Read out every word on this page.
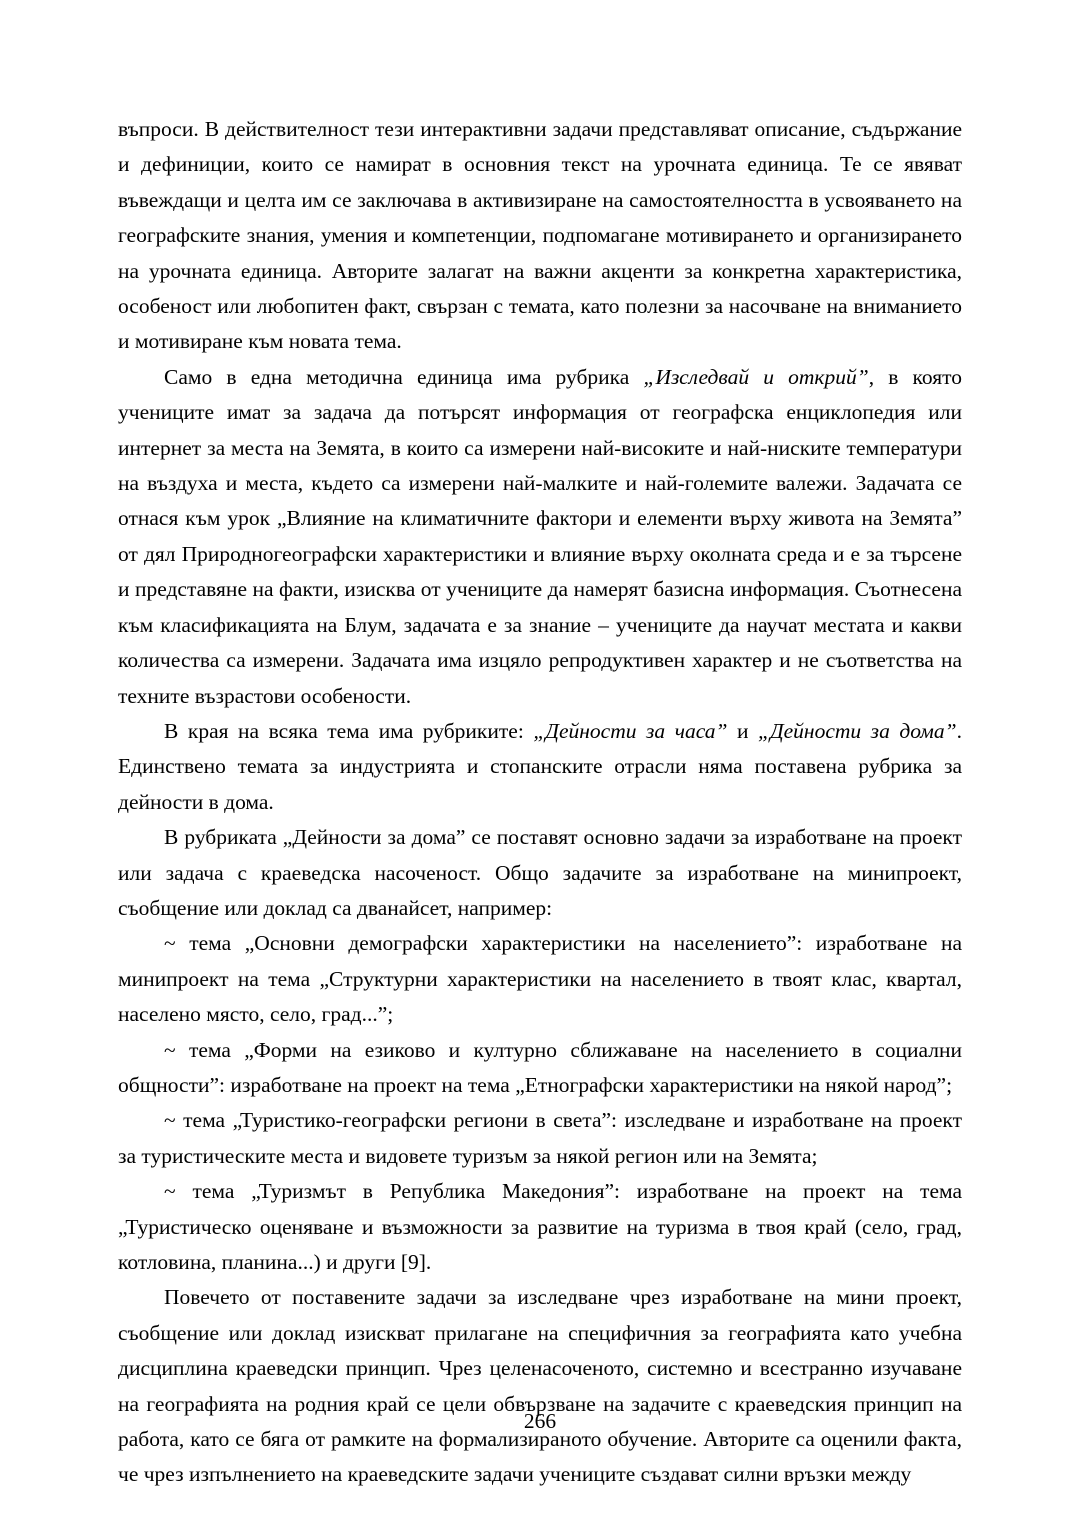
въпроси. В действителност тези интерактивни задачи представляват описание, съдържание и дефиниции, които се намират в основния текст на урочната единица. Те се явяват въвеждащи и целта им се заключава в активизиране на самостоятелността в усвояването на географските знания, умения и компетенции, подпомагане мотивирането и организирането на урочната единица. Авторите залагат на важни акценти за конкретна характеристика, особеност или любопитен факт, свързан с темата, като полезни за насочване на вниманието и мотивиране към новата тема.

Само в една методична единица има рубрика „Изследвай и открий”, в която учениците имат за задача да потърсят информация от географска енциклопедия или интернет за места на Земята, в които са измерени най-високите и най-ниските температури на въздуха и места, където са измерени най-малките и най-големите валежи. Задачата се отнася към урок „Влияние на климатичните фактори и елементи върху живота на Земята” от дял Природногеографски характеристики и влияние върху околната среда и е за търсене и представяне на факти, изисква от учениците да намерят базисна информация. Съотнесена към класификацията на Блум, задачата е за знание – учениците да научат местата и какви количества са измерени. Задачата има изцяло репродуктивен характер и не съответства на техните възрастови особености.

В края на всяка тема има рубриките: „Дейности за часа” и „Дейности за дома”. Единствено темата за индустрията и стопанските отрасли няма поставена рубрика за дейности в дома.

В рубриката „Дейности за дома” се поставят основно задачи за изработване на проект или задача с краеведска насоченост. Общо задачите за изработване на минипроект, съобщение или доклад са дванайсет, например:

~ тема „Основни демографски характеристики на населението”: изработване на минипроект на тема „Структурни характеристики на населението в твоят клас, квартал, населено място, село, град...”;

~ тема „Форми на езиково и културно сближаване на населението в социални общности”: изработване на проект на тема „Етнографски характеристики на някой народ”;

~ тема „Туристико-географски региони в света”: изследване и изработване на проект за туристическите места и видовете туризъм за някой регион или на Земята;

~ тема „Туризмът в Република Македония”: изработване на проект на тема „Туристическо оценяване и възможности за развитие на туризма в твоя край (село, град, котловина, планина...) и други [9].

Повечето от поставените задачи за изследване чрез изработване на мини проект, съобщение или доклад изискват прилагане на специфичния за географията като учебна дисциплина краеведски принцип. Чрез целенасоченото, системно и всестранно изучаване на географията на родния край се цели обвързване на задачите с краеведския принцип на работа, като се бяга от рамките на формализираното обучение. Авторите са оценили факта, че чрез изпълнението на краеведските задачи учениците създават силни връзки между

266
